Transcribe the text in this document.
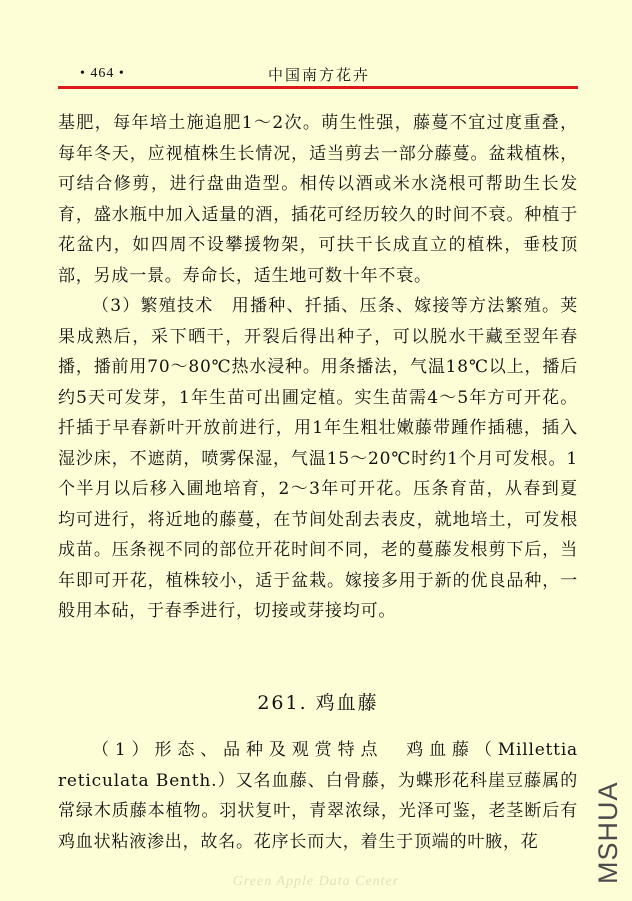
• 464 •	中国南方花卉

基肥，每年培土施追肥1～2次。萌生性强，藤蔓不宜过度重叠，每年冬天，应视植株生长情况，适当剪去一部分藤蔓。盆栽植株，可结合修剪，进行盘曲造型。相传以酒或米水浇根可帮助生长发育，盛水瓶中加入适量的酒，插花可经历较久的时间不衰。种植于花盆内，如四周不设攀援物架，可扶干长成直立的植株，垂枝顶部，另成一景。寿命长，适生地可数十年不衰。

（3）繁殖技术　用播种、扦插、压条、嫁接等方法繁殖。荚果成熟后，采下晒干，开裂后得出种子，可以脱水干藏至翌年春播，播前用70～80℃热水浸种。用条播法，气温18℃以上，播后约5天可发芽，1年生苗可出圃定植。实生苗需4～5年方可开花。扦插于早春新叶开放前进行，用1年生粗壮嫩藤带踵作插穗，插入湿沙床，不遮荫，喷雾保湿，气温15～20℃时约1个月可发根。1个半月以后移入圃地培育，2～3年可开花。压条育苗，从春到夏均可进行，将近地的藤蔓，在节间处刮去表皮，就地培土，可发根成苗。压条视不同的部位开花时间不同，老的蔓藤发根剪下后，当年即可开花，植株较小，适于盆栽。嫁接多用于新的优良品种，一般用本砧，于春季进行，切接或芽接均可。

261. 鸡血藤

（1）形态、品种及观赏特点　鸡血藤（Millettia reticulata Benth.）又名血藤、白骨藤，为蝶形花科崖豆藤属的常绿木质藤本植物。羽状复叶，青翠浓绿，光泽可鉴，老茎断后有鸡血状粘液渗出，故名。花序长而大，着生于顶端的叶腋，花

Green Apple Data Center	MSHUA
